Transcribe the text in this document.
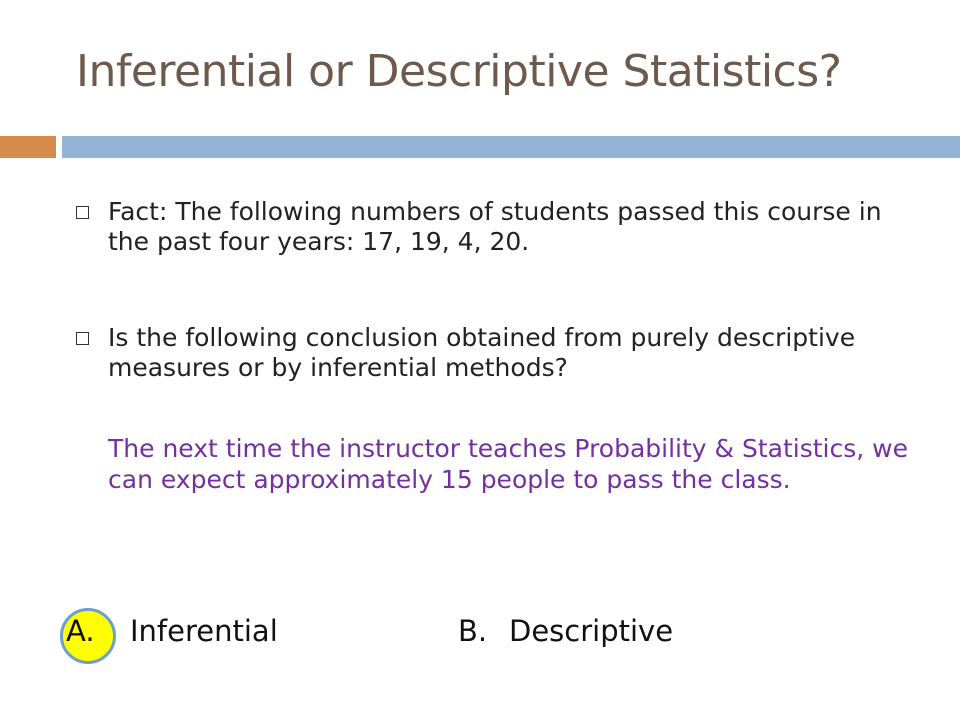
Inferential or Descriptive Statistics?
Fact: The following numbers of students passed this course in the past four years: 17, 19, 4, 20.
Is the following conclusion obtained from purely descriptive measures or by inferential methods?
The next time the instructor teaches Probability & Statistics, we can expect approximately 15 people to pass the class.
A. Inferential	B. Descriptive
